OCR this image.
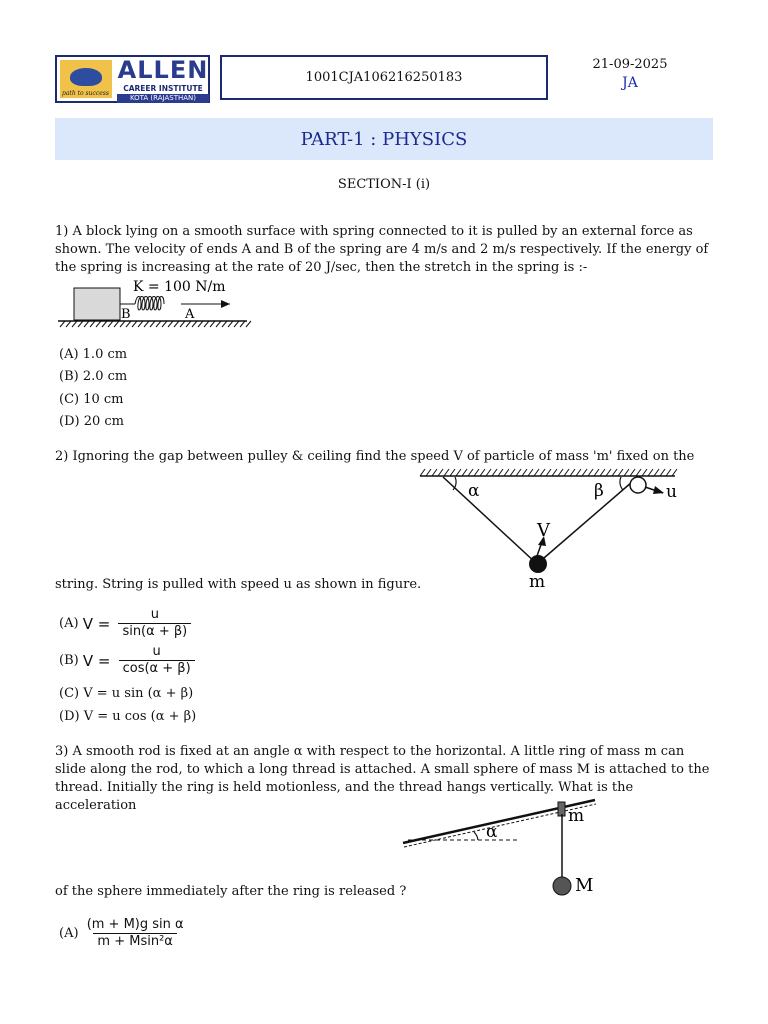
path to success
ALLEN
CAREER INSTITUTE
KOTA (RAJASTHAN)
1001CJA106216250183
21-09-2025
JA
PART-1 : PHYSICS
SECTION-I (i)
1) A block lying on a smooth surface with spring connected to it is pulled by an external force as shown. The velocity of ends A and B of the spring are 4 m/s and 2 m/s respectively. If the energy of the spring is increasing at the rate of 20 J/sec, then the stretch in the spring is :-
K = 100 N/m
B	A
(A) 1.0 cm
(B) 2.0 cm
(C) 10 cm
(D) 20 cm
2) Ignoring the gap between pulley & ceiling find the speed V of particle of mass 'm' fixed on the
α	β	u
V
m
string. String is pulled with speed u as shown in figure.
(A) $V = \frac{u}{\sin(\alpha + \beta)}$
(B) $V = \frac{u}{\cos(\alpha + \beta)}$
(C) V = u sin (α + β)
(D) V = u cos (α + β)
3) A smooth rod is fixed at an angle α with respect to the horizontal. A little ring of mass m can slide along the rod, to which a long thread is attached. A small sphere of mass M is attached to the thread. Initially the ring is held motionless, and the thread hangs vertically. What is the acceleration
α
m
M
of the sphere immediately after the ring is released ?
$(A) \frac{\text{(m + M)g sin α}}{\text{m + Msin²α}}$
